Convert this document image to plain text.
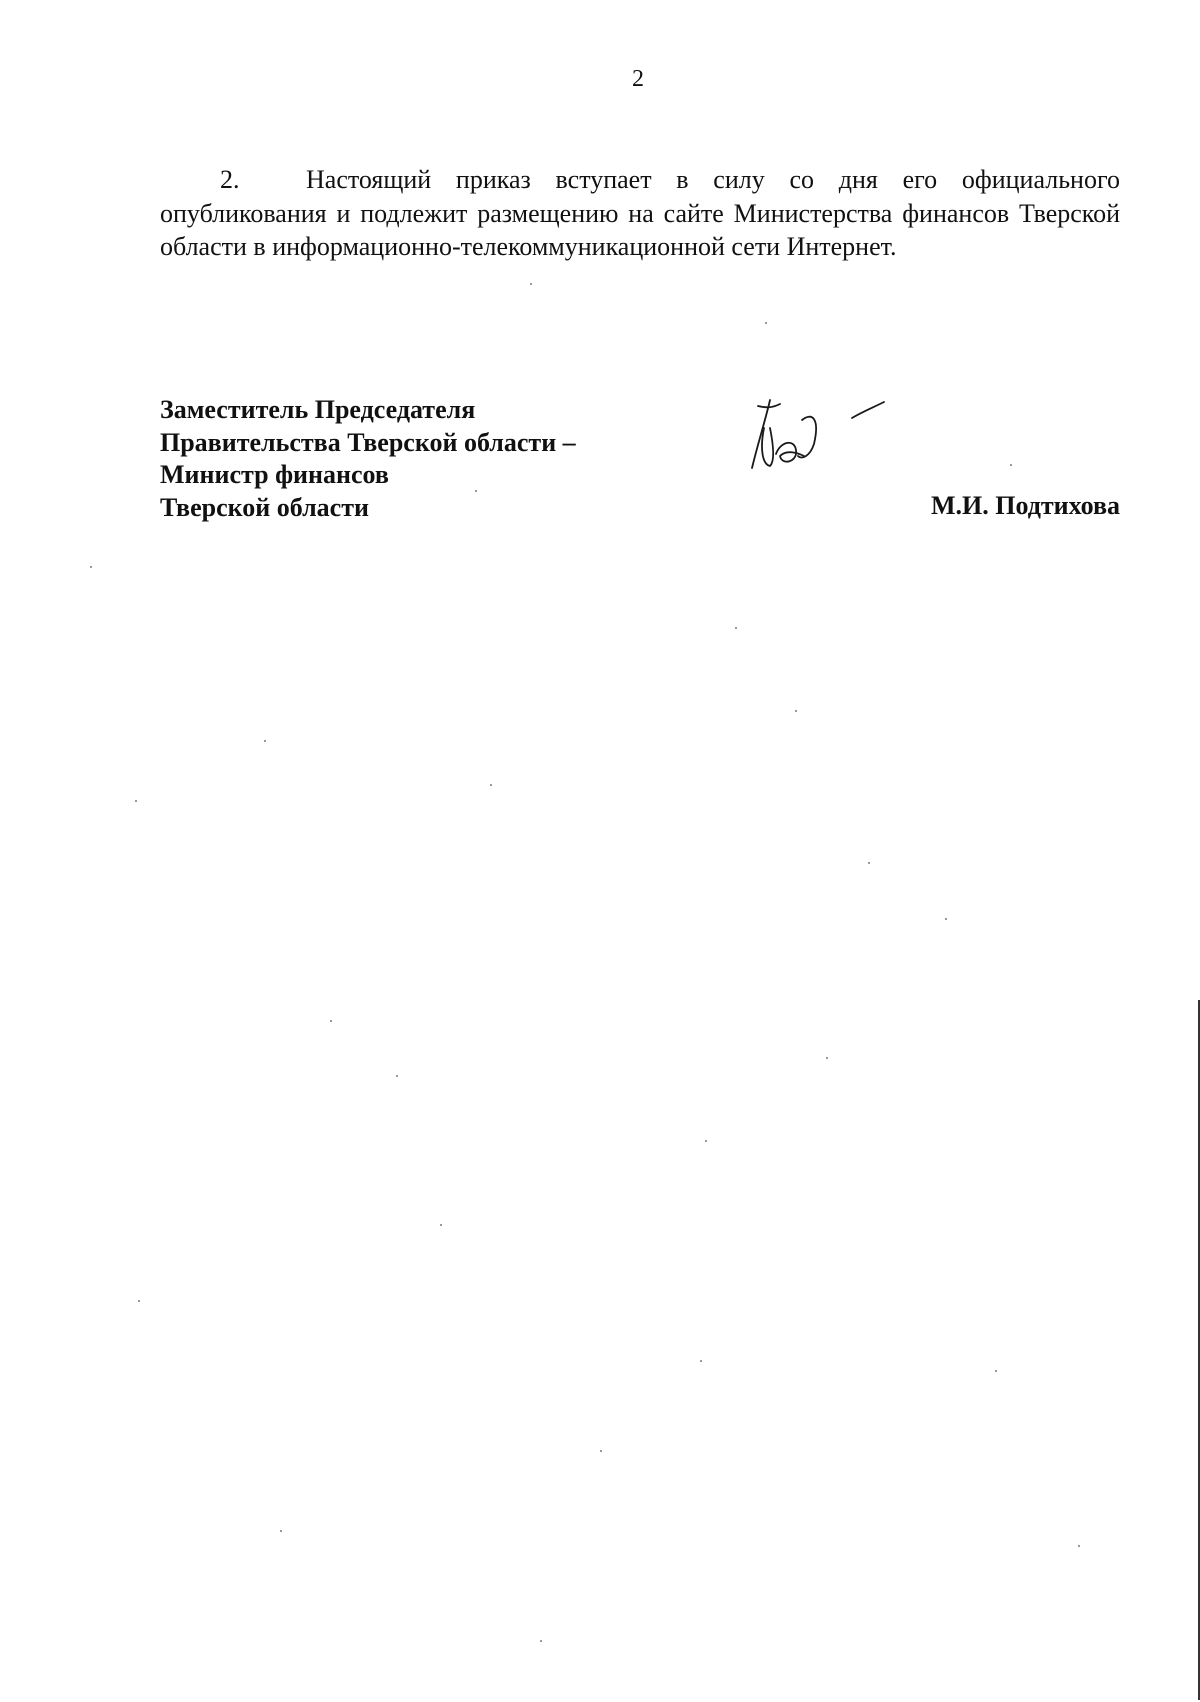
2
2.	Настоящий приказ вступает в силу со дня его официального опубликования и подлежит размещению на сайте Министерства финансов Тверской области в информационно-телекоммуникационной сети Интернет.
Заместитель Председателя
Правительства Тверской области –
Министр финансов
Тверской области	М.И. Подтихова
